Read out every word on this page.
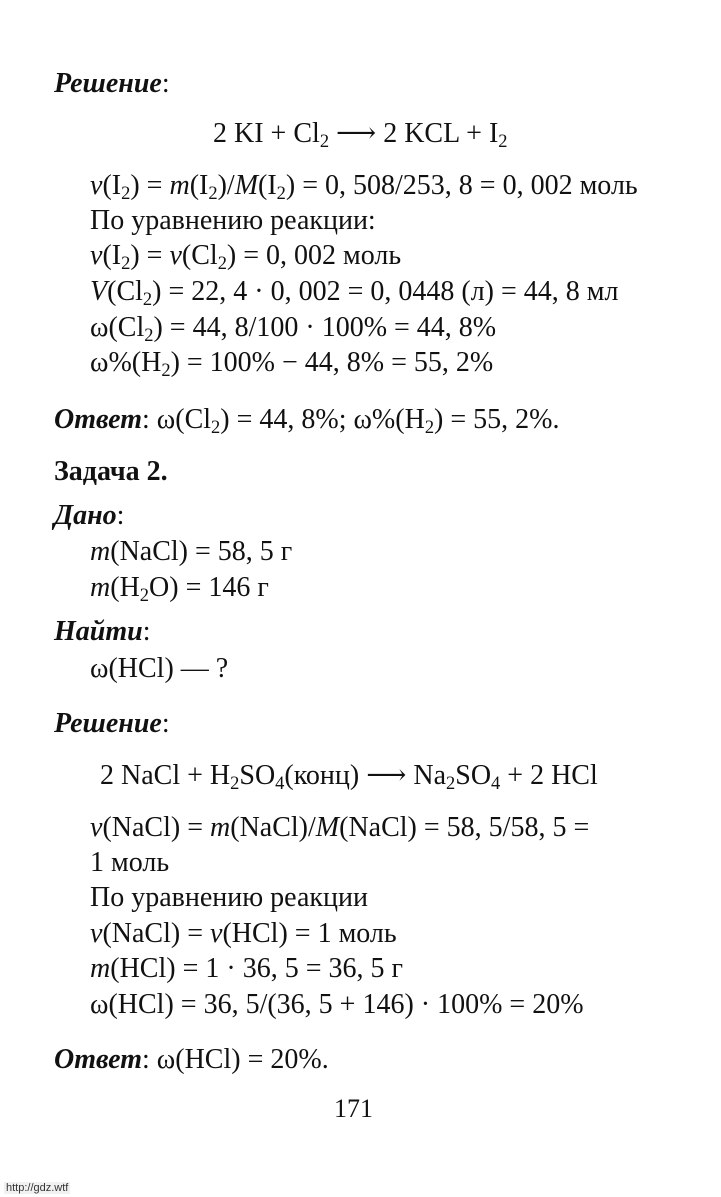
Решение:
2 KI + $Cl_2$ ⟶ 2 KCL + $I_2$
$\nu(I_2) = m(I_2)/M(I_2) = 0$, 508/253, 8 = 0, 002 моль
По уравнению реакции:
$\nu(I_2) = \nu(Cl_2) = 0$, 002 моль
$V(Cl_2) = 22$, 4 · 0, 002 = 0, 0448 (л) = 44, 8 мл
$\omega(Cl_2) = 44$, 8/100 · 100% = 44, 8%
$\omega\%(H_2) = 100\% - 44$, 8% = 55, 2%
Ответ: $\omega(Cl_2) = 44$, 8%; $\omega\%(H_2) = 55$, 2%.
Задача 2.
Дано:
m(NaCl) = 58, 5 г
$m(H_2O) = 146$ г
Найти:
ω(HCl) — ?
Решение:
2 NaCl + $H_2SO_4(конц)$ ⟶ $Na_2SO_4 + 2$ HCl
ν(NaCl) = m(NaCl)/M(NaCl) = 58, 5/58, 5 =
1 моль
По уравнению реакции
ν(NaCl) = ν(HCl) = 1 моль
m(HCl) = 1 · 36, 5 = 36, 5 г
ω(HCl) = 36, 5/(36, 5 + 146) · 100% = 20%
Ответ: ω(HCl) = 20%.
171
http://gdz.wtf
